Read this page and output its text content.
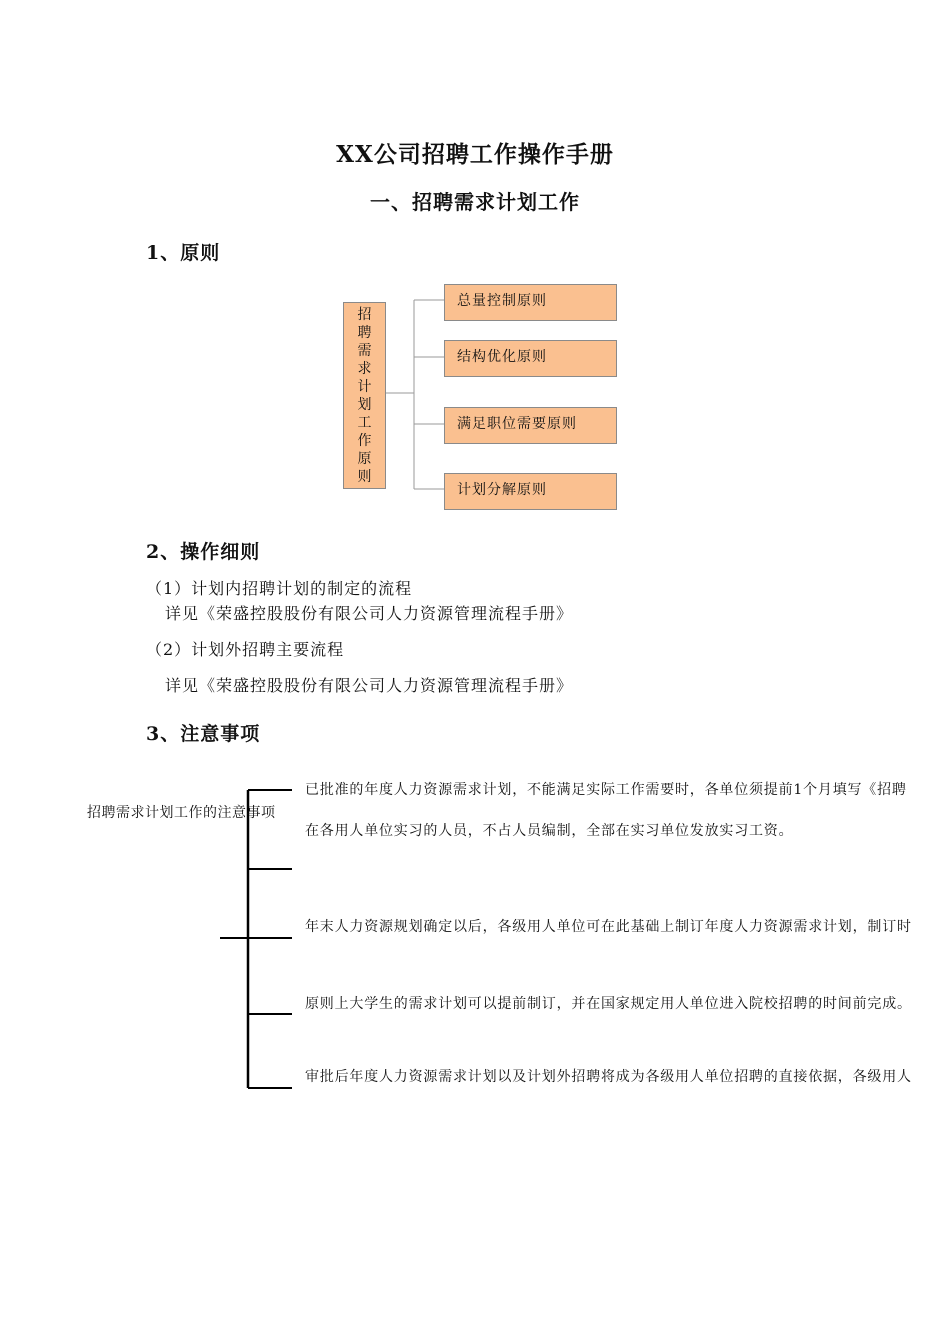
XX公司招聘工作操作手册
一、招聘需求计划工作
1、原则
招
聘
需
求
计
划
工
作
原
则
总量控制原则
结构优化原则
满足职位需要原则
计划分解原则
2、操作细则
（1）计划内招聘计划的制定的流程
详见《荣盛控股股份有限公司人力资源管理流程手册》
（2）计划外招聘主要流程
详见《荣盛控股股份有限公司人力资源管理流程手册》
3、注意事项
招聘需求计划工作的注意事项
已批准的年度人力资源需求计划，不能满足实际工作需要时，各单位须提前1个月填写《招聘
在各用人单位实习的人员，不占人员编制，全部在实习单位发放实习工资。
年末人力资源规划确定以后，各级用人单位可在此基础上制订年度人力资源需求计划，制订时
原则上大学生的需求计划可以提前制订，并在国家规定用人单位进入院校招聘的时间前完成。
审批后年度人力资源需求计划以及计划外招聘将成为各级用人单位招聘的直接依据，各级用人
